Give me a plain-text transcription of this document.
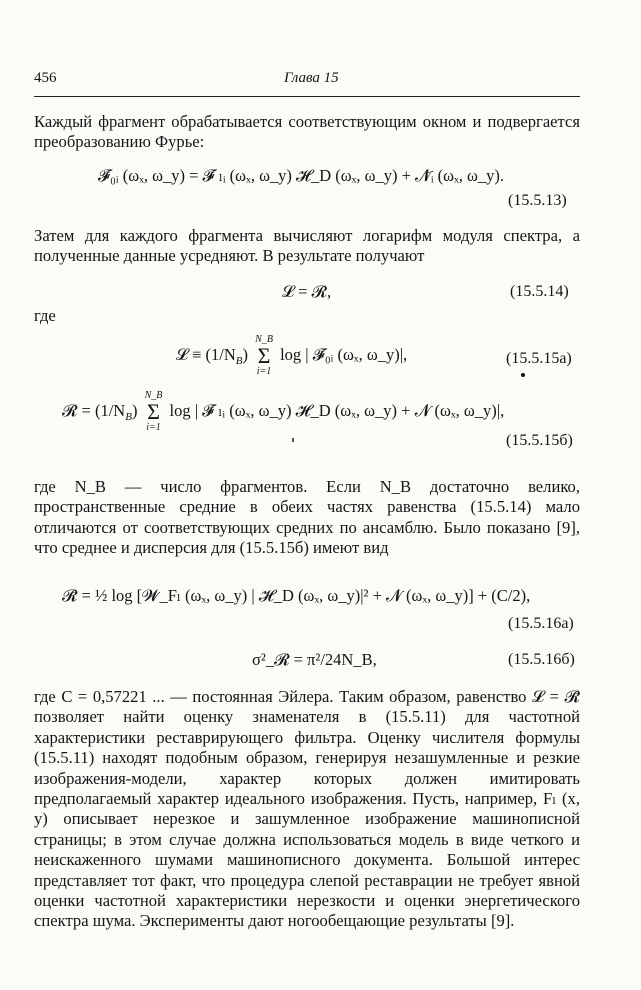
456	Глава 15

Каждый фрагмент обрабатывается соответствующим окном и подвергается преобразованию Фурье:

𝓕̃₀ᵢ (ωₓ, ω_y) = 𝓕̃ ₗᵢ (ωₓ, ω_y) 𝓗_D (ωₓ, ω_y) + 𝓝̃ᵢ (ωₓ, ω_y).
(15.5.13)

Затем для каждого фрагмента вычисляют логарифм модуля спектра, а полученные данные усредняют. В результате получают

𝓛 = 𝓡,	(15.5.14)
где
𝓛 ≡ $(1/N_B)$
N_B
Σ
i=1
log | 𝓕̃₀ᵢ (ωₓ, ω_y)|,	(15.5.15а)
𝓡 = $(1/N_B)$
N_B
Σ
i=1
log | 𝓕̃ ₗᵢ (ωₓ, ω_y) 𝓗_D (ωₓ, ω_y) + 𝓝 (ωₓ, ω_y)|,
(15.5.15б)

где N_B — число фрагментов. Если N_B достаточно велико, пространственные средние в обеих частях равенства (15.5.14) мало отличаются от соответствующих средних по ансамблю. Было показано [9], что среднее и дисперсия для (15.5.15б) имеют вид

𝓡̄ = ½ log [𝓦_Fₗ (ωₓ, ω_y) | 𝓗_D (ωₓ, ω_y)|² + 𝓝 (ωₓ, ω_y)] + (C/2),
(15.5.16а)
σ²_𝓡 = π²/24N_B,	(15.5.16б)

где C = 0,57221 ... — постоянная Эйлера. Таким образом, равенство 𝓛 = 𝓡̄ позволяет найти оценку знаменателя в (15.5.11) для частотной характеристики реставрирующего фильтра. Оценку числителя формулы (15.5.11) находят подобным образом, генерируя незашумленные и резкие изображения-модели, характер которых должен имитировать предполагаемый характер идеального изображения. Пусть, например, Fₗ (x, y) описывает нерезкое и зашумленное изображение машинописной страницы; в этом случае должна использоваться модель в виде четкого и неискаженного шумами машинописного документа. Большой интерес представляет тот факт, что процедура слепой реставрации не требует явной оценки частотной характеристики нерезкости и оценки энергетического спектра шума. Эксперименты дают ногообещающие результаты [9].
